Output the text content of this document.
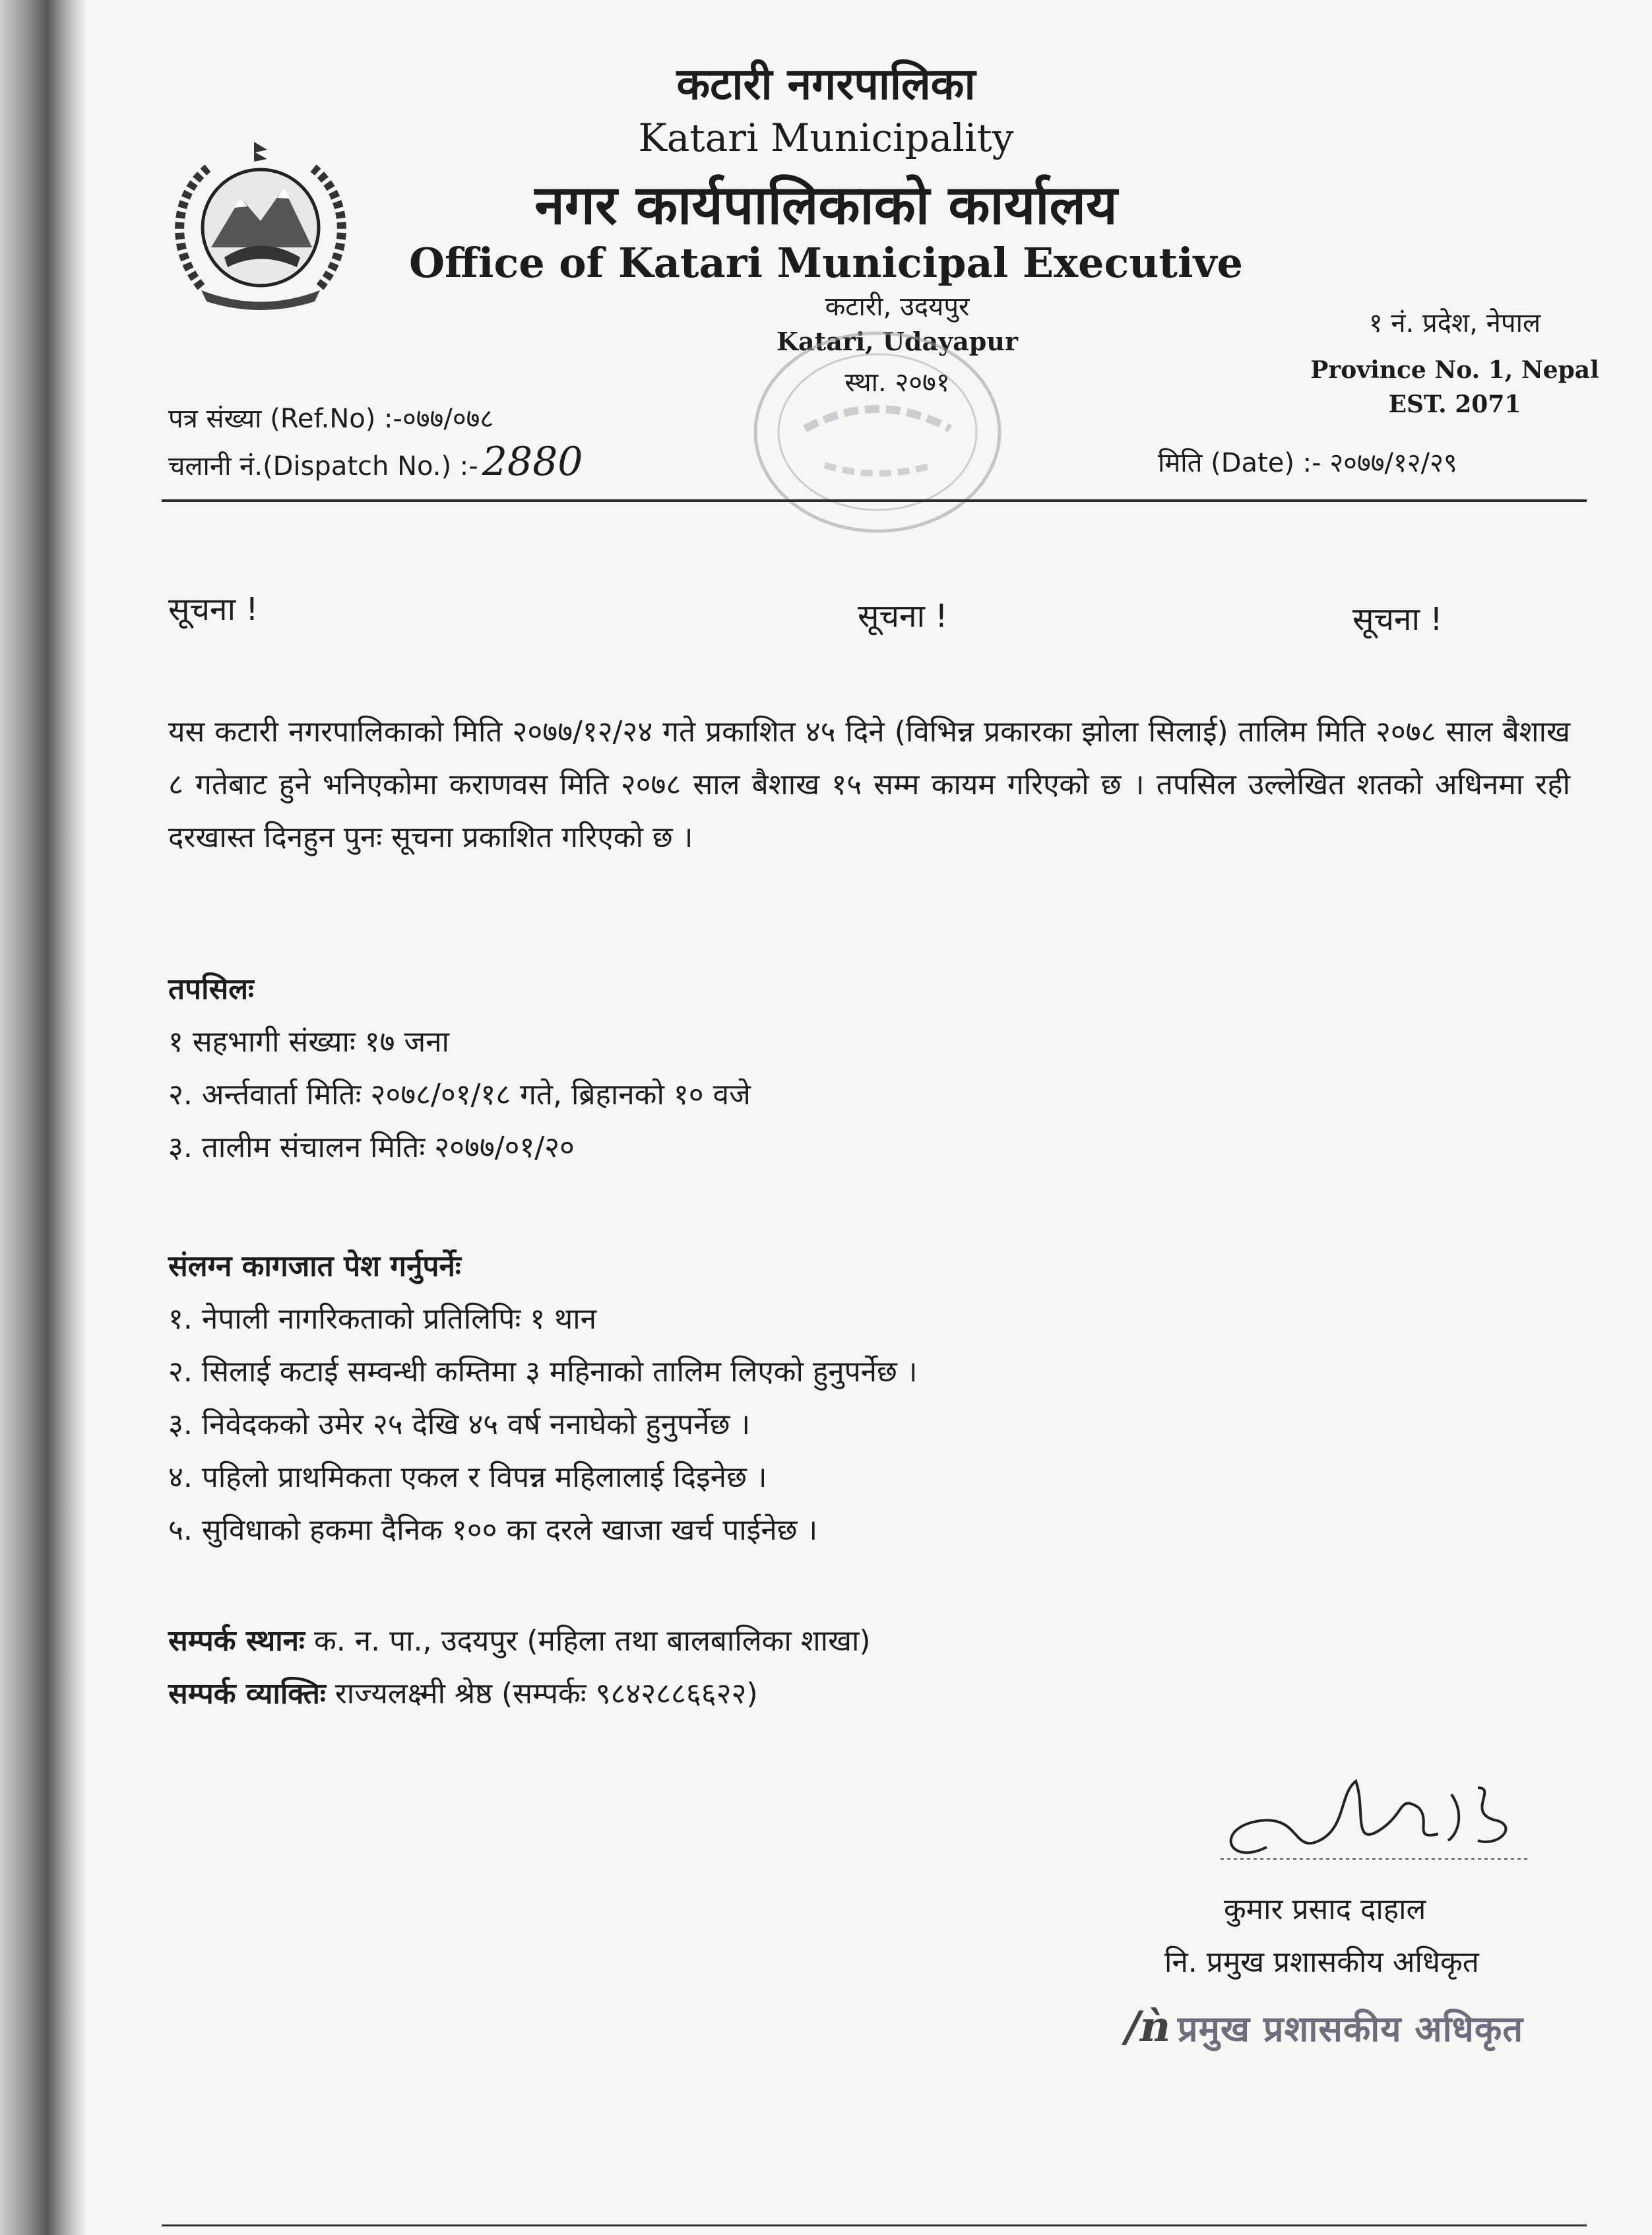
कटारी नगरपालिका
Katari Municipality
नगर कार्यपालिकाको कार्यालय
Office of Katari Municipal Executive
कटारी, उदयपुर
Katari, Udayapur
स्था. २०७१
१ नं. प्रदेश, नेपाल
Province No. 1, Nepal
EST. 2071
पत्र संख्या (Ref.No) :-०७७/०७८
चलानी नं.(Dispatch No.) :- 2880	मिति (Date) :- २०७७/१२/२९
सूचना !	सूचना !	सूचना !
यस कटारी नगरपालिकाको मिति २०७७/१२/२४ गते प्रकाशित ४५ दिने (विभिन्न प्रकारका झोला सिलाई) तालिम मिति २०७८ साल बैशाख ८ गतेबाट हुने भनिएकोमा कराणवस मिति २०७८ साल बैशाख १५ सम्म कायम गरिएको छ । तपसिल उल्लेखित शतको अधिनमा रही दरखास्त दिनहुन पुनः सूचना प्रकाशित गरिएको छ ।
तपसिलः
१ सहभागी संख्याः १७ जना
२. अर्न्तवार्ता मितिः २०७८/०१/१८ गते, ब्रिहानको १० वजे
३. तालीम संचालन मितिः २०७७/०१/२०
संलग्न कागजात पेश गर्नुपर्नेः
१. नेपाली नागरिकताको प्रतिलिपिः १ थान
२. सिलाई कटाई सम्वन्धी कम्तिमा ३ महिनाको तालिम लिएको हुनुपर्नेछ ।
३. निवेदकको उमेर २५ देखि ४५ वर्ष ननाघेको हुनुपर्नेछ ।
४. पहिलो प्राथमिकता एकल र विपन्न महिलालाई दिइनेछ ।
५. सुविधाको हकमा दैनिक १०० का दरले खाजा खर्च पाईनेछ ।
सम्पर्क स्थानः क. न. पा., उदयपुर (महिला तथा बालबालिका शाखा)
सम्पर्क व्याक्तिः राज्यलक्ष्मी श्रेष्ठ (सम्पर्कः ९८४२८८६६२२)
कुमार प्रसाद दाहाल
नि. प्रमुख प्रशासकीय अधिकृत
/ǹ प्रमुख प्रशासकीय अधिकृत
